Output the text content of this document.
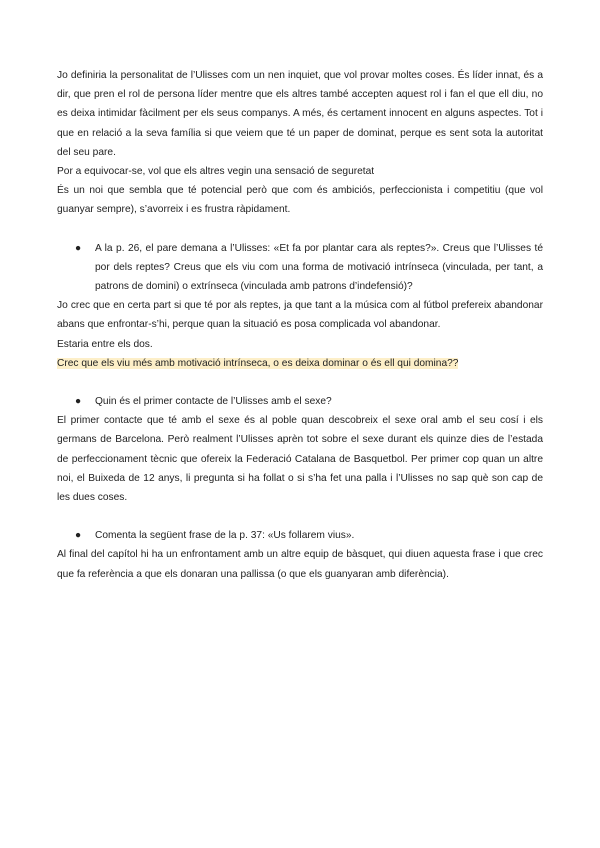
Jo definiria la personalitat de l’Ulisses com un nen inquiet, que vol provar moltes coses. És líder innat, és a dir, que pren el rol de persona líder mentre que els altres també accepten aquest rol i fan el que ell diu, no es deixa intimidar fàcilment per els seus companys. A més, és certament innocent en alguns aspectes. Tot i que en relació a la seva família si que veiem que té un paper de dominat, perque es sent sota la autoritat del seu pare.

Por a equivocar-se, vol que els altres vegin una sensació de seguretat

És un noi que sembla que té potencial però que com és ambiciós, perfeccionista i competitiu (que vol guanyar sempre), s’avorreix i es frustra ràpidament.

●	A la p. 26, el pare demana a l’Ulisses: «Et fa por plantar cara als reptes?». Creus que l’Ulisses té por dels reptes? Creus que els viu com una forma de motivació intrínseca (vinculada, per tant, a patrons de domini) o extrínseca (vinculada amb patrons d’indefensió)?

Jo crec que en certa part si que té por als reptes, ja que tant a la música com al fútbol prefereix abandonar abans que enfrontar-s’hi, perque quan la situació es posa complicada vol abandonar.

Estaria entre els dos.

Crec que els viu més amb motivació intrínseca, o es deixa dominar o és ell qui domina??

●	Quin és el primer contacte de l’Ulisses amb el sexe?

El primer contacte que té amb el sexe és al poble quan descobreix el sexe oral amb el seu cosí i els germans de Barcelona. Però realment l’Ulisses aprèn tot sobre el sexe durant els quinze dies de l’estada de perfeccionament tècnic que ofereix la Federació Catalana de Basquetbol. Per primer cop quan un altre noi, el Buixeda de 12 anys, li pregunta si ha follat o si s’ha fet una palla i l’Ulisses no sap què son cap de les dues coses.

●	Comenta la següent frase de la p. 37: «Us follarem vius».

Al final del capítol hi ha un enfrontament amb un altre equip de bàsquet, qui diuen aquesta frase i que crec que fa referència a que els donaran una pallissa (o que els guanyaran amb diferència).
